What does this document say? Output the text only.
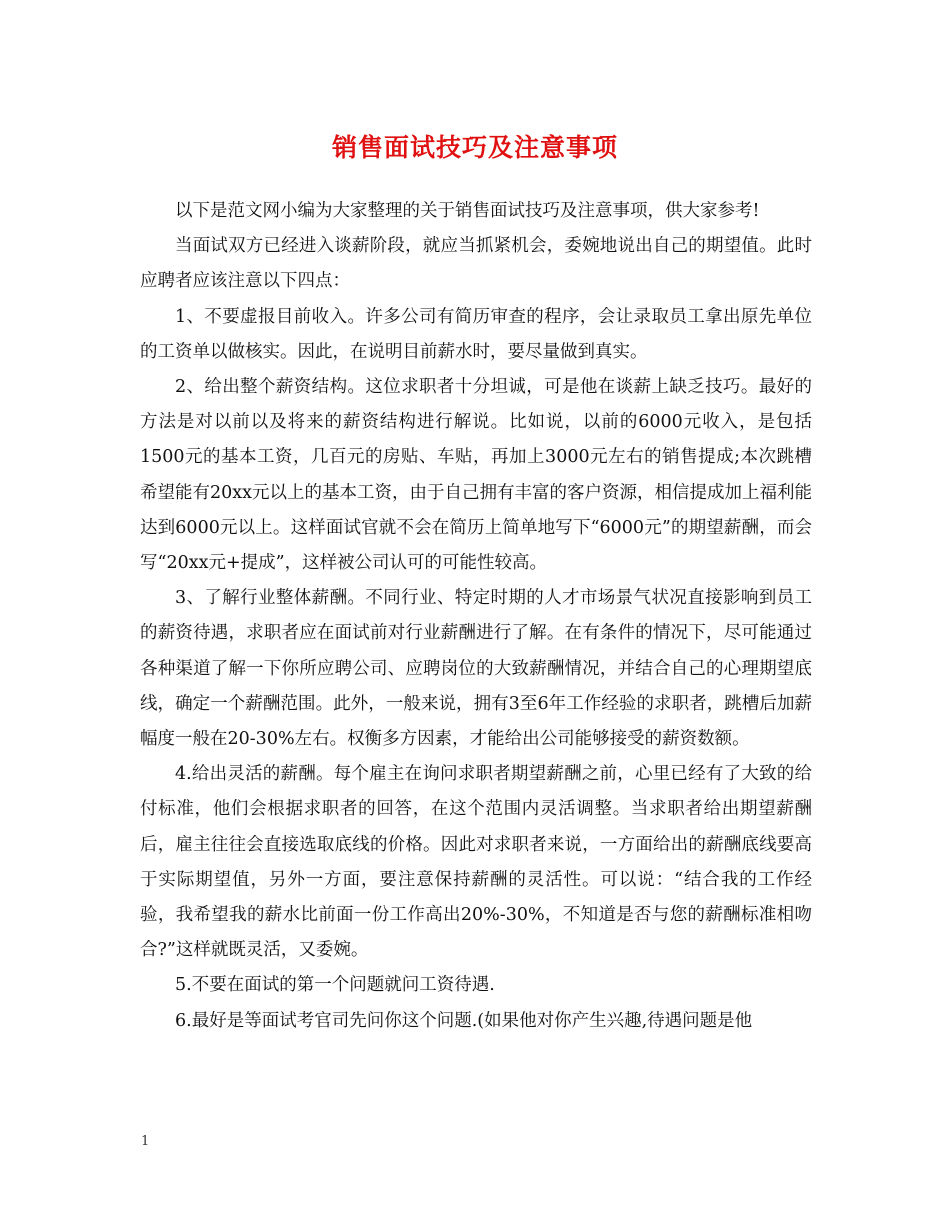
销售面试技巧及注意事项

以下是范文网小编为大家整理的关于销售面试技巧及注意事项，供大家参考!

当面试双方已经进入谈薪阶段，就应当抓紧机会，委婉地说出自己的期望值。此时应聘者应该注意以下四点：

1、不要虚报目前收入。许多公司有简历审查的程序，会让录取员工拿出原先单位的工资单以做核实。因此，在说明目前薪水时，要尽量做到真实。

2、给出整个薪资结构。这位求职者十分坦诚，可是他在谈薪上缺乏技巧。最好的方法是对以前以及将来的薪资结构进行解说。比如说，以前的6000元收入，是包括1500元的基本工资，几百元的房贴、车贴，再加上3000元左右的销售提成;本次跳槽希望能有20xx元以上的基本工资，由于自己拥有丰富的客户资源，相信提成加上福利能达到6000元以上。这样面试官就不会在简历上简单地写下“6000元”的期望薪酬，而会写“20xx元+提成”，这样被公司认可的可能性较高。

3、了解行业整体薪酬。不同行业、特定时期的人才市场景气状况直接影响到员工的薪资待遇，求职者应在面试前对行业薪酬进行了解。在有条件的情况下，尽可能通过各种渠道了解一下你所应聘公司、应聘岗位的大致薪酬情况，并结合自己的心理期望底线，确定一个薪酬范围。此外，一般来说，拥有3至6年工作经验的求职者，跳槽后加薪幅度一般在20-30%左右。权衡多方因素，才能给出公司能够接受的薪资数额。

4.给出灵活的薪酬。每个雇主在询问求职者期望薪酬之前，心里已经有了大致的给付标准，他们会根据求职者的回答，在这个范围内灵活调整。当求职者给出期望薪酬后，雇主往往会直接选取底线的价格。因此对求职者来说，一方面给出的薪酬底线要高于实际期望值，另外一方面，要注意保持薪酬的灵活性。可以说：“结合我的工作经验，我希望我的薪水比前面一份工作高出20%-30%，不知道是否与您的薪酬标准相吻合?”这样就既灵活，又委婉。

5.不要在面试的第一个问题就问工资待遇.

6.最好是等面试考官司先问你这个问题.(如果他对你产生兴趣,待遇问题是他

1
